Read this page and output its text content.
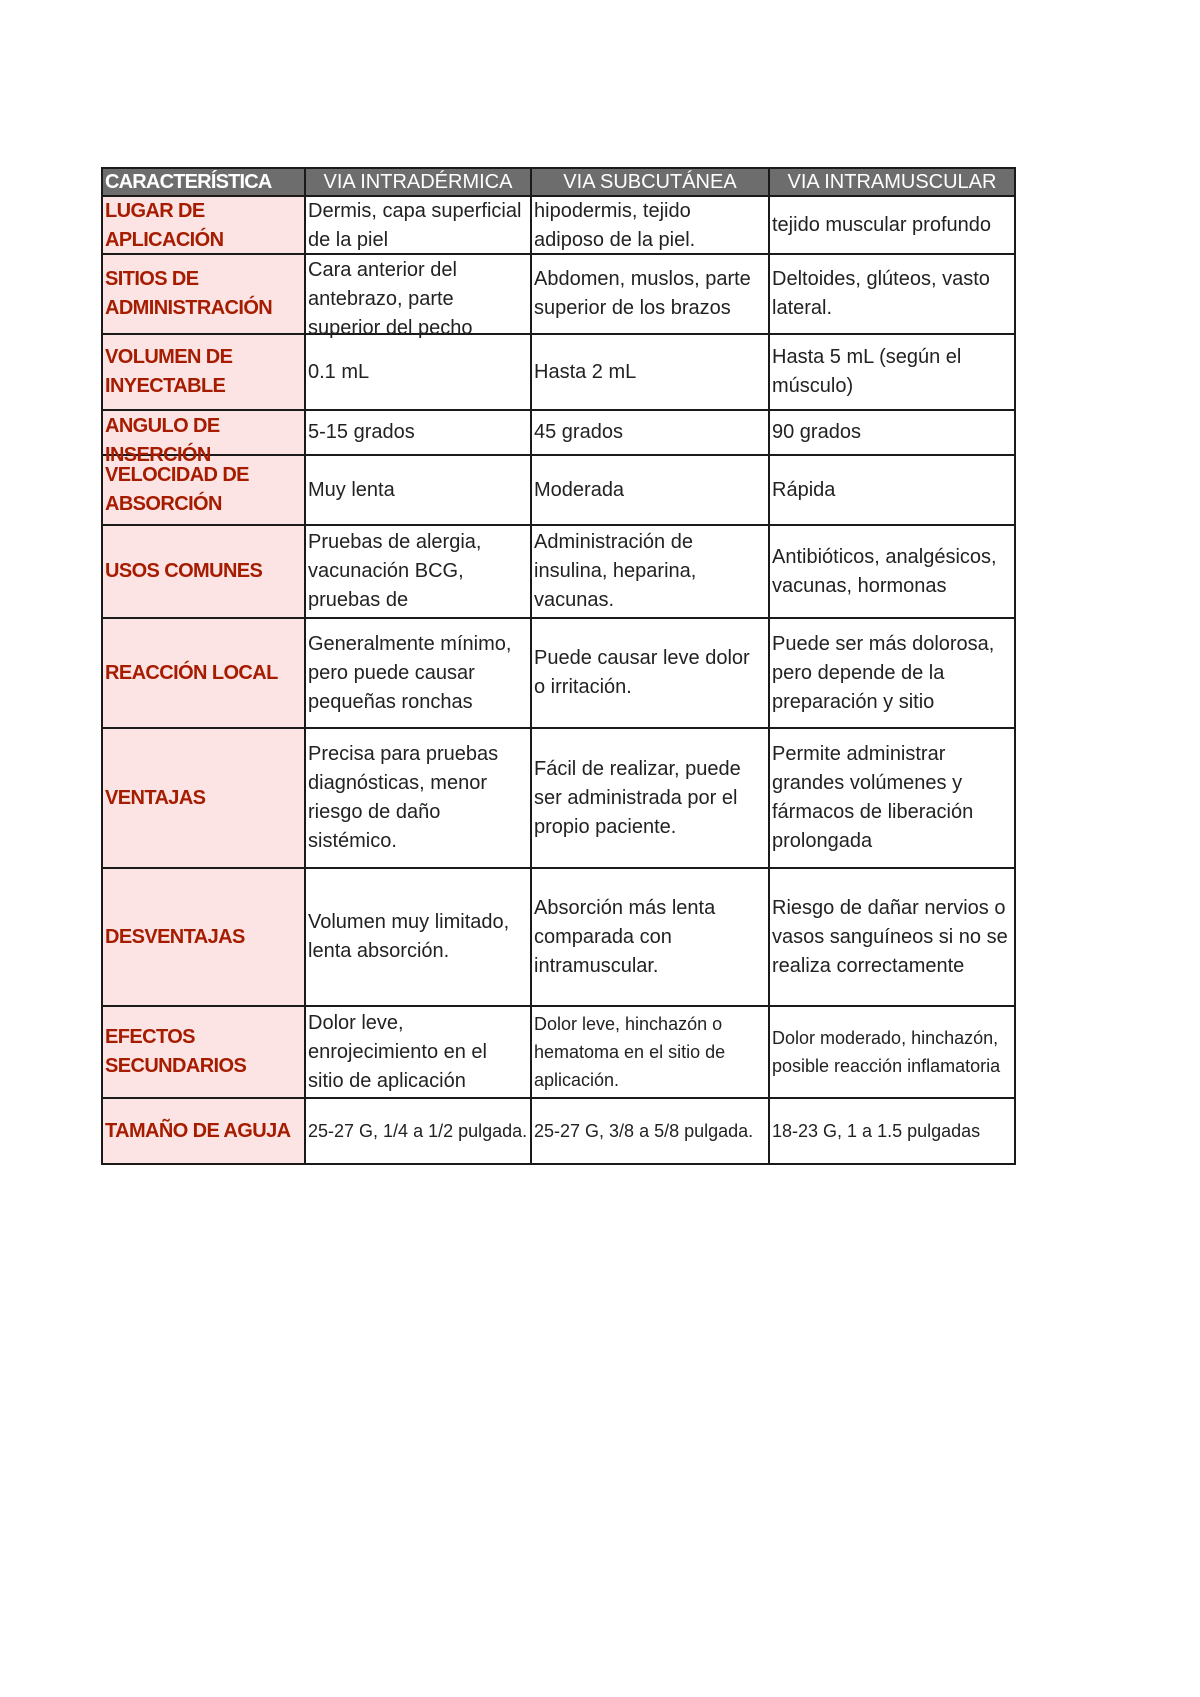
CARACTERÍSTICA	VIA INTRADÉRMICA	VIA SUBCUTÁNEA	VIA INTRAMUSCULAR

LUGAR DE APLICACIÓN	Dermis, capa superficial de la piel	hipodermis, tejido adiposo de la piel.	tejido muscular profundo

SITIOS DE ADMINISTRACIÓN	Cara anterior del antebrazo, parte superior del pecho	Abdomen, muslos, parte superior de los brazos	Deltoides, glúteos, vasto lateral.

VOLUMEN DE INYECTABLE	0.1 mL	Hasta 2 mL	Hasta 5 mL (según el músculo)

ANGULO DE INSERCIÓN	5-15 grados	45 grados	90 grados

VELOCIDAD DE ABSORCIÓN	Muy lenta	Moderada	Rápida

USOS COMUNES	Pruebas de alergia, vacunación BCG, pruebas de	Administración de insulina, heparina, vacunas.	Antibióticos, analgésicos, vacunas, hormonas

REACCIÓN LOCAL	Generalmente mínimo, pero puede causar pequeñas ronchas	Puede causar leve dolor o irritación.	Puede ser más dolorosa, pero depende de la preparación y sitio

VENTAJAS	Precisa para pruebas diagnósticas, menor riesgo de daño sistémico.	Fácil de realizar, puede ser administrada por el propio paciente.	Permite administrar grandes volúmenes y fármacos de liberación prolongada

DESVENTAJAS	Volumen muy limitado, lenta absorción.	Absorción más lenta comparada con intramuscular.	Riesgo de dañar nervios o vasos sanguíneos si no se realiza correctamente

EFECTOS SECUNDARIOS	Dolor leve, enrojecimiento en el sitio de aplicación	Dolor leve, hinchazón o hematoma en el sitio de aplicación.	Dolor moderado, hinchazón, posible reacción inflamatoria

TAMAÑO DE AGUJA	25-27 G, 1/4 a 1/2 pulgada.	25-27 G, 3/8 a 5/8 pulgada.	18-23 G, 1 a 1.5 pulgadas
